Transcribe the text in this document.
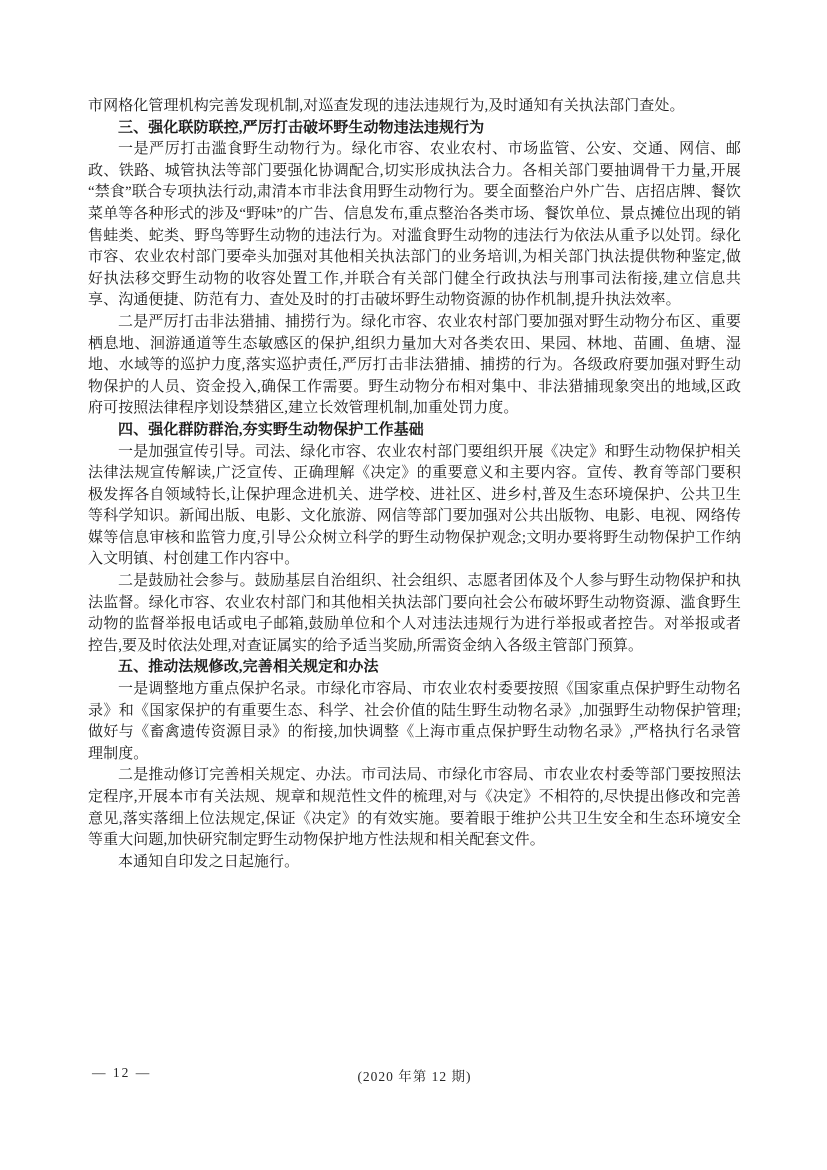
市网格化管理机构完善发现机制,对巡查发现的违法违规行为,及时通知有关执法部门查处。

三、强化联防联控,严厉打击破坏野生动物违法违规行为

一是严厉打击滥食野生动物行为。绿化市容、农业农村、市场监管、公安、交通、网信、邮政、铁路、城管执法等部门要强化协调配合,切实形成执法合力。各相关部门要抽调骨干力量,开展“禁食”联合专项执法行动,肃清本市非法食用野生动物行为。要全面整治户外广告、店招店牌、餐饮菜单等各种形式的涉及“野味”的广告、信息发布,重点整治各类市场、餐饮单位、景点摊位出现的销售蛙类、蛇类、野鸟等野生动物的违法行为。对滥食野生动物的违法行为依法从重予以处罚。绿化市容、农业农村部门要牵头加强对其他相关执法部门的业务培训,为相关部门执法提供物种鉴定,做好执法移交野生动物的收容处置工作,并联合有关部门健全行政执法与刑事司法衔接,建立信息共享、沟通便捷、防范有力、查处及时的打击破坏野生动物资源的协作机制,提升执法效率。

二是严厉打击非法猎捕、捕捞行为。绿化市容、农业农村部门要加强对野生动物分布区、重要栖息地、洄游通道等生态敏感区的保护,组织力量加大对各类农田、果园、林地、苗圃、鱼塘、湿地、水域等的巡护力度,落实巡护责任,严厉打击非法猎捕、捕捞的行为。各级政府要加强对野生动物保护的人员、资金投入,确保工作需要。野生动物分布相对集中、非法猎捕现象突出的地域,区政府可按照法律程序划设禁猎区,建立长效管理机制,加重处罚力度。

四、强化群防群治,夯实野生动物保护工作基础

一是加强宣传引导。司法、绿化市容、农业农村部门要组织开展《决定》和野生动物保护相关法律法规宣传解读,广泛宣传、正确理解《决定》的重要意义和主要内容。宣传、教育等部门要积极发挥各自领域特长,让保护理念进机关、进学校、进社区、进乡村,普及生态环境保护、公共卫生等科学知识。新闻出版、电影、文化旅游、网信等部门要加强对公共出版物、电影、电视、网络传媒等信息审核和监管力度,引导公众树立科学的野生动物保护观念;文明办要将野生动物保护工作纳入文明镇、村创建工作内容中。

二是鼓励社会参与。鼓励基层自治组织、社会组织、志愿者团体及个人参与野生动物保护和执法监督。绿化市容、农业农村部门和其他相关执法部门要向社会公布破坏野生动物资源、滥食野生动物的监督举报电话或电子邮箱,鼓励单位和个人对违法违规行为进行举报或者控告。对举报或者控告,要及时依法处理,对查证属实的给予适当奖励,所需资金纳入各级主管部门预算。

五、推动法规修改,完善相关规定和办法

一是调整地方重点保护名录。市绿化市容局、市农业农村委要按照《国家重点保护野生动物名录》和《国家保护的有重要生态、科学、社会价值的陆生野生动物名录》,加强野生动物保护管理;做好与《畜禽遗传资源目录》的衔接,加快调整《上海市重点保护野生动物名录》,严格执行名录管理制度。

二是推动修订完善相关规定、办法。市司法局、市绿化市容局、市农业农村委等部门要按照法定程序,开展本市有关法规、规章和规范性文件的梳理,对与《决定》不相符的,尽快提出修改和完善意见,落实落细上位法规定,保证《决定》的有效实施。要着眼于维护公共卫生安全和生态环境安全等重大问题,加快研究制定野生动物保护地方性法规和相关配套文件。

本通知自印发之日起施行。

— 12 —	(2020 年第 12 期)
